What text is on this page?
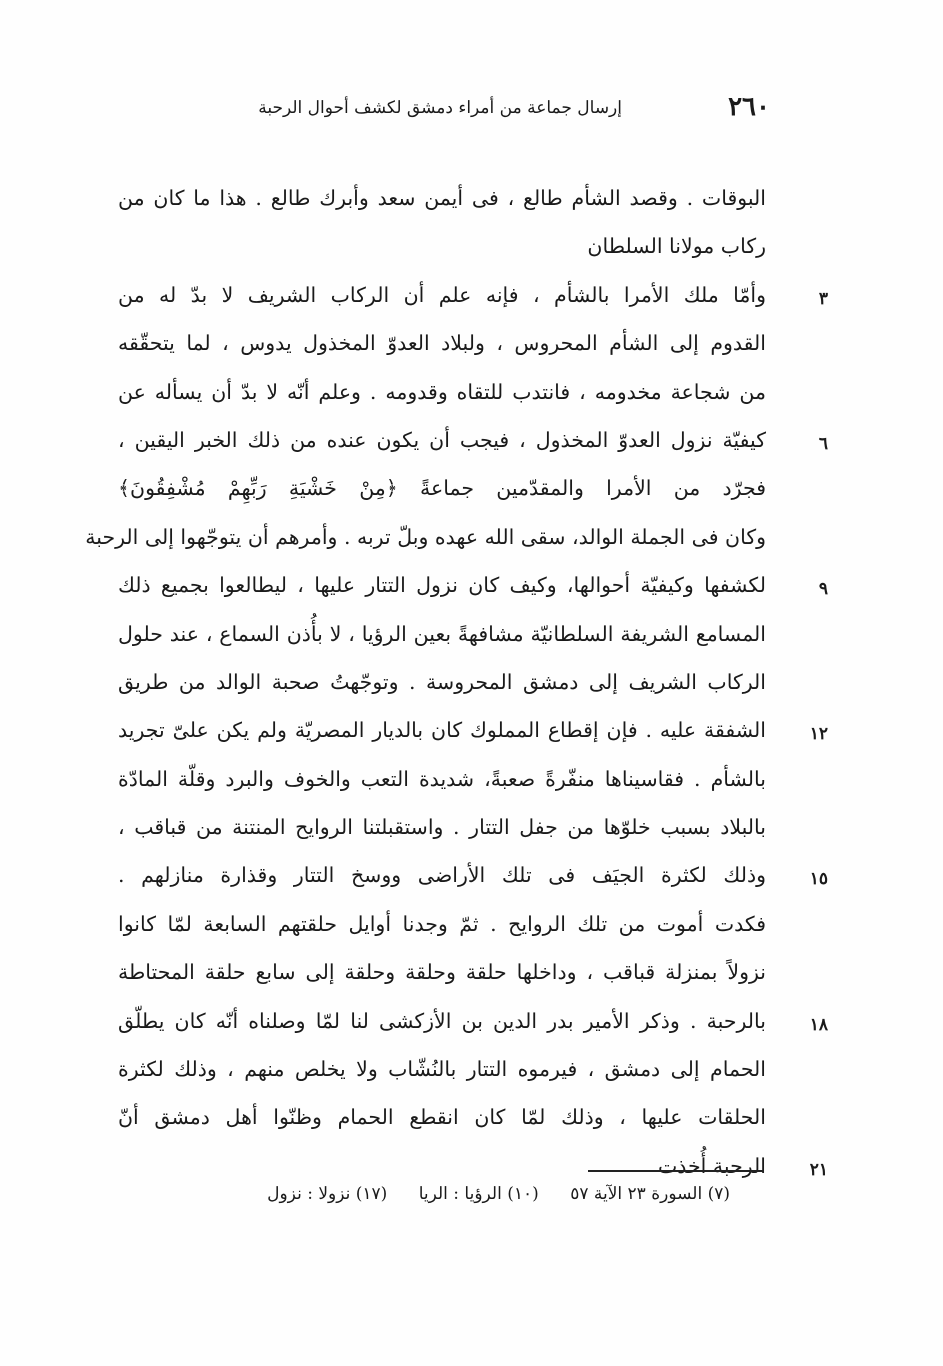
٢٦٠
إرسال جماعة من أمراء دمشق لكشف أحوال الرحبة
البوقات . وقصد الشأم طالع ، فى أيمن سعد وأبرك طالع . هذا ما كان من
ركاب مولانا السلطان
وأمّا ملك الأمرا بالشأم ، فإنه علم أن الركاب الشريف لا بدّ له من	٣
القدوم إلى الشأم المحروس ، ولبلاد العدوّ المخذول يدوس ، لما يتحقّقه
من شجاعة مخدومه ، فانتدب للتقاه وقدومه . وعلم أنّه لا بدّ أن يسأله عن
كيفيّة نزول العدوّ المخذول ، فيجب أن يكون عنده من ذلك الخبر اليقين ،	٦
فجرّد من الأمرا والمقدّمين جماعةً ﴿مِنْ خَشْيَةِ رَبِّهِمْ مُشْفِقُونَ﴾
وكان فى الجملة الوالد، سقى الله عهده وبلّ تربه . وأمرهم أن يتوجّهوا إلى الرحبة
لكشفها وكيفيّة أحوالها، وكيف كان نزول التتار عليها ، ليطالعوا بجميع ذلك	٩
المسامع الشريفة السلطانيّة مشافهةً بعين الرؤيا ، لا بأُذن السماع ، عند حلول
الركاب الشريف إلى دمشق المحروسة . وتوجّهتُ صحبة الوالد من طريق
الشفقة عليه . فإن إقطاع المملوك كان بالديار المصريّة ولم يكن علىّ تجريد	١٢
بالشأم . فقاسيناها منفّرةً صعبةً، شديدة التعب والخوف والبرد وقلّة المادّة
بالبلاد بسبب خلوّها من جفل التتار . واستقبلتنا الروايح المنتنة من قباقب ،
وذلك لكثرة الجيَف فى تلك الأراضى ووسخ التتار وقذارة منازلهم .	١٥
فكدت أموت من تلك الروايح . ثمّ وجدنا أوايل حلقتهم السابعة لمّا كانوا
نزولاً بمنزلة قباقب ، وداخلها حلقة وحلقة وحلقة إلى سابع حلقة المحتاطة
بالرحبة . وذكر الأمير بدر الدين بن الأزكشى لنا لمّا وصلناه أنّه كان يطلّق	١٨
الحمام إلى دمشق ، فيرموه التتار بالنُشّاب ولا يخلص منهم ، وذلك لكثرة
الحلقات عليها ، وذلك لمّا كان انقطع الحمام وظنّوا أهل دمشق أنّ
الرحبة أُخذت	٢١
(٧) السورة ٢٣ الآية ٥٧ (١٠) الرؤيا : الريا (١٧) نزولا : نزول
